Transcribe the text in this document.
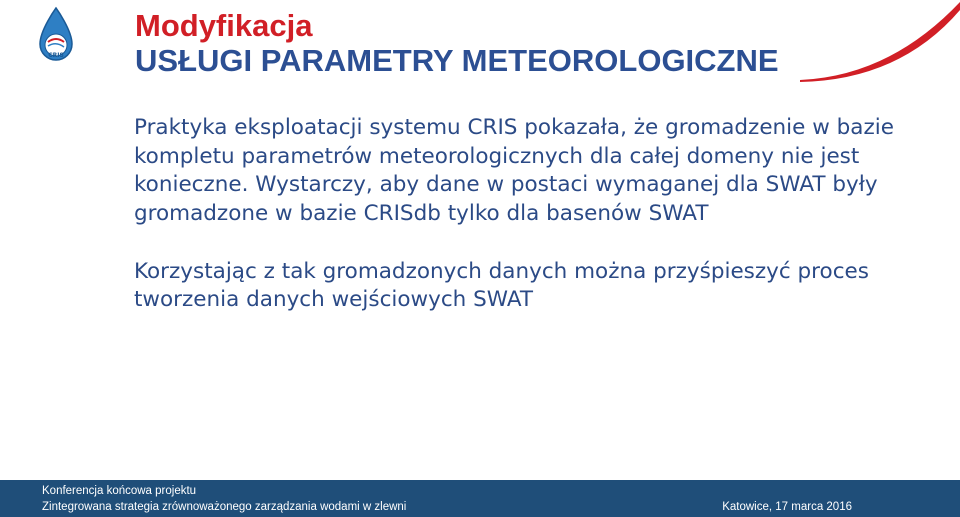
CRIS
Modyfikacja
USŁUGI PARAMETRY METEOROLOGICZNE

Praktyka eksploatacji systemu CRIS pokazała, że gromadzenie w bazie kompletu parametrów meteorologicznych dla całej domeny nie jest konieczne. Wystarczy, aby dane w postaci wymaganej dla SWAT były gromadzone w bazie CRISdb tylko dla basenów SWAT

Korzystając z tak gromadzonych danych można przyśpieszyć proces tworzenia danych wejściowych SWAT

Konferencja końcowa projektu
Zintegrowana strategia zrównoważonego zarządzania wodami w zlewni	Katowice, 17 marca 2016
